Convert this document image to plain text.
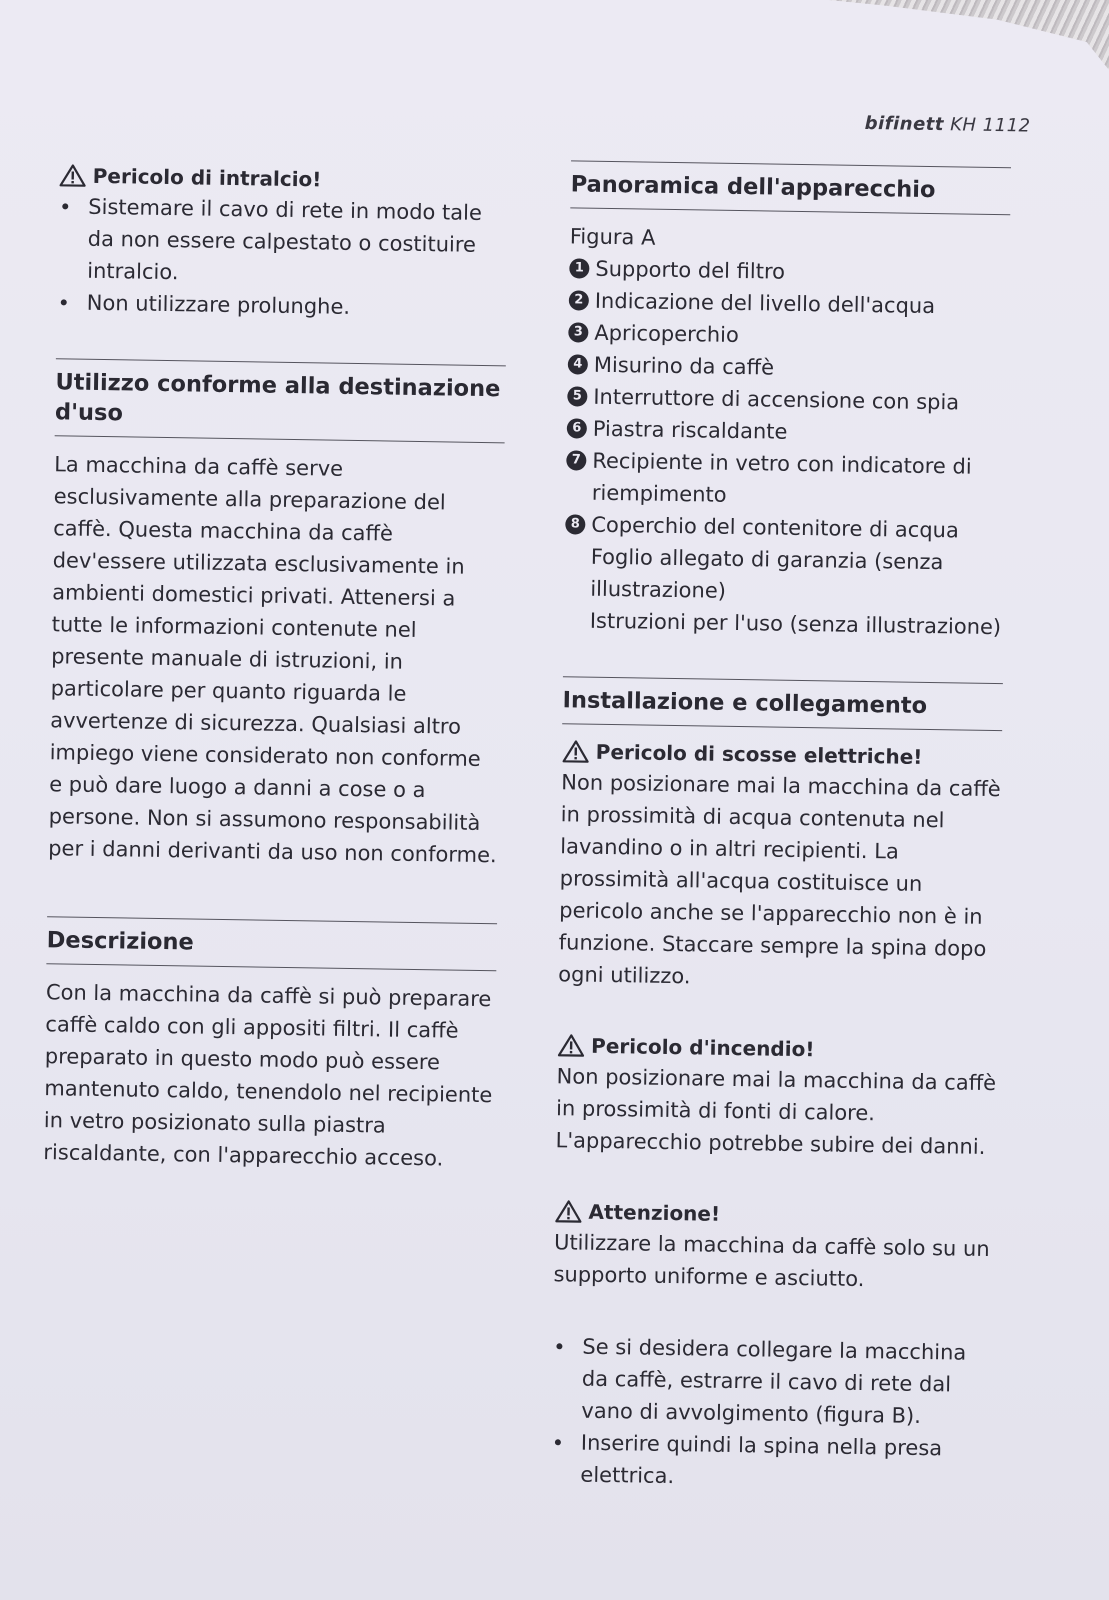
bifinett KH 1112
Pericolo di intralcio!
Sistemare il cavo di rete in modo tale da non essere calpestato o costituire intralcio.
Non utilizzare prolunghe.
Utilizzo conforme alla destinazione d'uso

La macchina da caffè serve esclusivamente alla preparazione del caffè. Questa macchina da caffè dev'essere utilizzata esclusivamente in ambienti domestici privati. Attenersi a tutte le informazioni contenute nel presente manuale di istruzioni, in particolare per quanto riguarda le avvertenze di sicurezza. Qualsiasi altro impiego viene considerato non conforme e può dare luogo a danni a cose o a persone. Non si assumono responsabilità per i danni derivanti da uso non conforme.

Descrizione

Con la macchina da caffè si può preparare caffè caldo con gli appositi filtri. Il caffè preparato in questo modo può essere mantenuto caldo, tenendolo nel recipiente in vetro posizionato sulla piastra riscaldante, con l'apparecchio acceso.

Panoramica dell'apparecchio

Figura A

1 Supporto del filtro
2 Indicazione del livello dell'acqua
3 Apricoperchio
4 Misurino da caffè
5 Interruttore di accensione con spia
6 Piastra riscaldante
7 Recipiente in vetro con indicatore di riempimento
8 Coperchio del contenitore di acqua
Foglio allegato di garanzia (senza illustrazione)
Istruzioni per l'uso (senza illustrazione)
Installazione e collegamento
Pericolo di scosse elettriche!

Non posizionare mai la macchina da caffè in prossimità di acqua contenuta nel lavandino o in altri recipienti. La prossimità all'acqua costituisce un pericolo anche se l'apparecchio non è in funzione. Staccare sempre la spina dopo ogni utilizzo.

Pericolo d'incendio!

Non posizionare mai la macchina da caffè in prossimità di fonti di calore. L'apparecchio potrebbe subire dei danni.

Attenzione!

Utilizzare la macchina da caffè solo su un supporto uniforme e asciutto.

Se si desidera collegare la macchina da caffè, estrarre il cavo di rete dal vano di avvolgimento (figura B).
Inserire quindi la spina nella presa elettrica.
